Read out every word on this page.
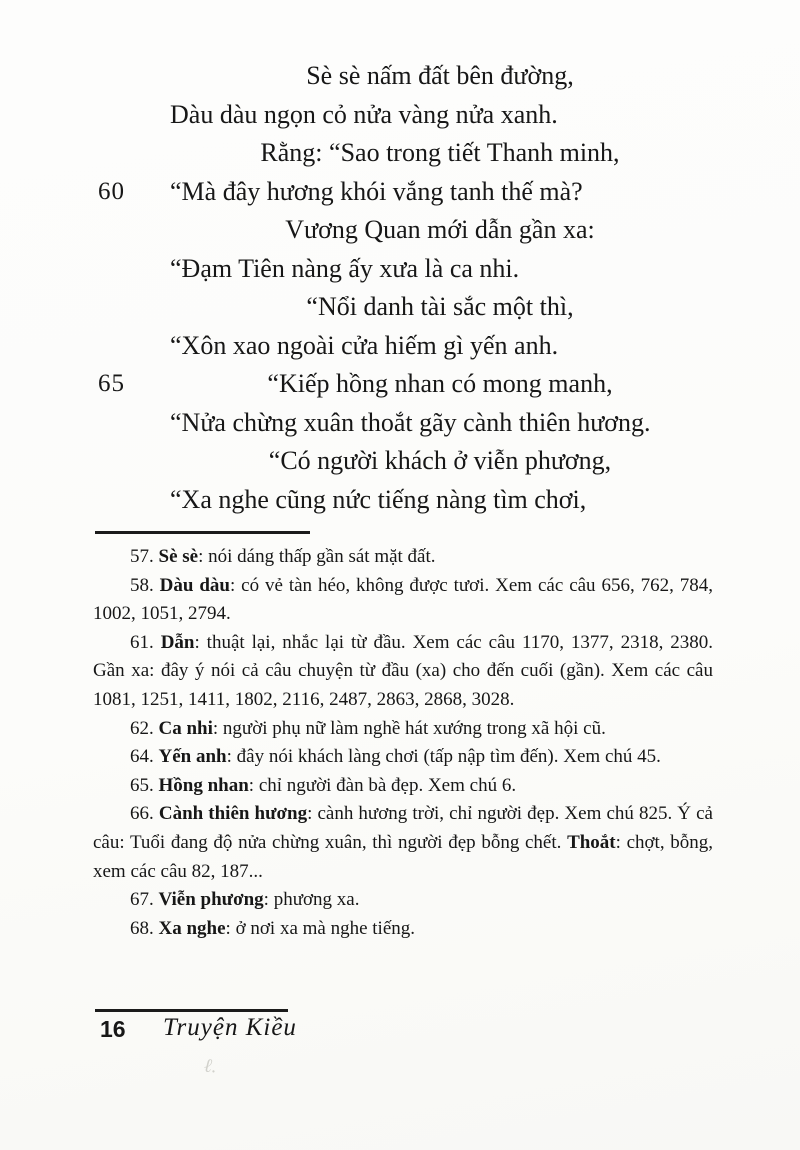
Sè sè nấm đất bên đường,
Dàu dàu ngọn cỏ nửa vàng nửa xanh.
Rằng: “Sao trong tiết Thanh minh,
60 “Mà đây hương khói vắng tanh thế mà?
Vương Quan mới dẫn gần xa:
“Đạm Tiên nàng ấy xưa là ca nhi.
“Nổi danh tài sắc một thì,
“Xôn xao ngoài cửa hiếm gì yến anh.
65	“Kiếp hồng nhan có mong manh,
“Nửa chừng xuân thoắt gãy cành thiên hương.
“Có người khách ở viễn phương,
“Xa nghe cũng nức tiếng nàng tìm chơi,

57. Sè sè: nói dáng thấp gần sát mặt đất.

58. Dàu dàu: có vẻ tàn héo, không được tươi. Xem các câu 656, 762, 784, 1002, 1051, 2794.

61. Dẫn: thuật lại, nhắc lại từ đầu. Xem các câu 1170, 1377, 2318, 2380. Gần xa: đây ý nói cả câu chuyện từ đầu (xa) cho đến cuối (gần). Xem các câu 1081, 1251, 1411, 1802, 2116, 2487, 2863, 2868, 3028.

62. Ca nhi: người phụ nữ làm nghề hát xướng trong xã hội cũ.

64. Yến anh: đây nói khách làng chơi (tấp nập tìm đến). Xem chú 45.

65. Hồng nhan: chỉ người đàn bà đẹp. Xem chú 6.

66. Cành thiên hương: cành hương trời, chỉ người đẹp. Xem chú 825. Ý cả câu: Tuổi đang độ nửa chừng xuân, thì người đẹp bỗng chết. Thoắt: chợt, bỗng, xem các câu 82, 187...

67. Viễn phương: phương xa.

68. Xa nghe: ở nơi xa mà nghe tiếng.

16 Truyện Kiều
ℓ.
